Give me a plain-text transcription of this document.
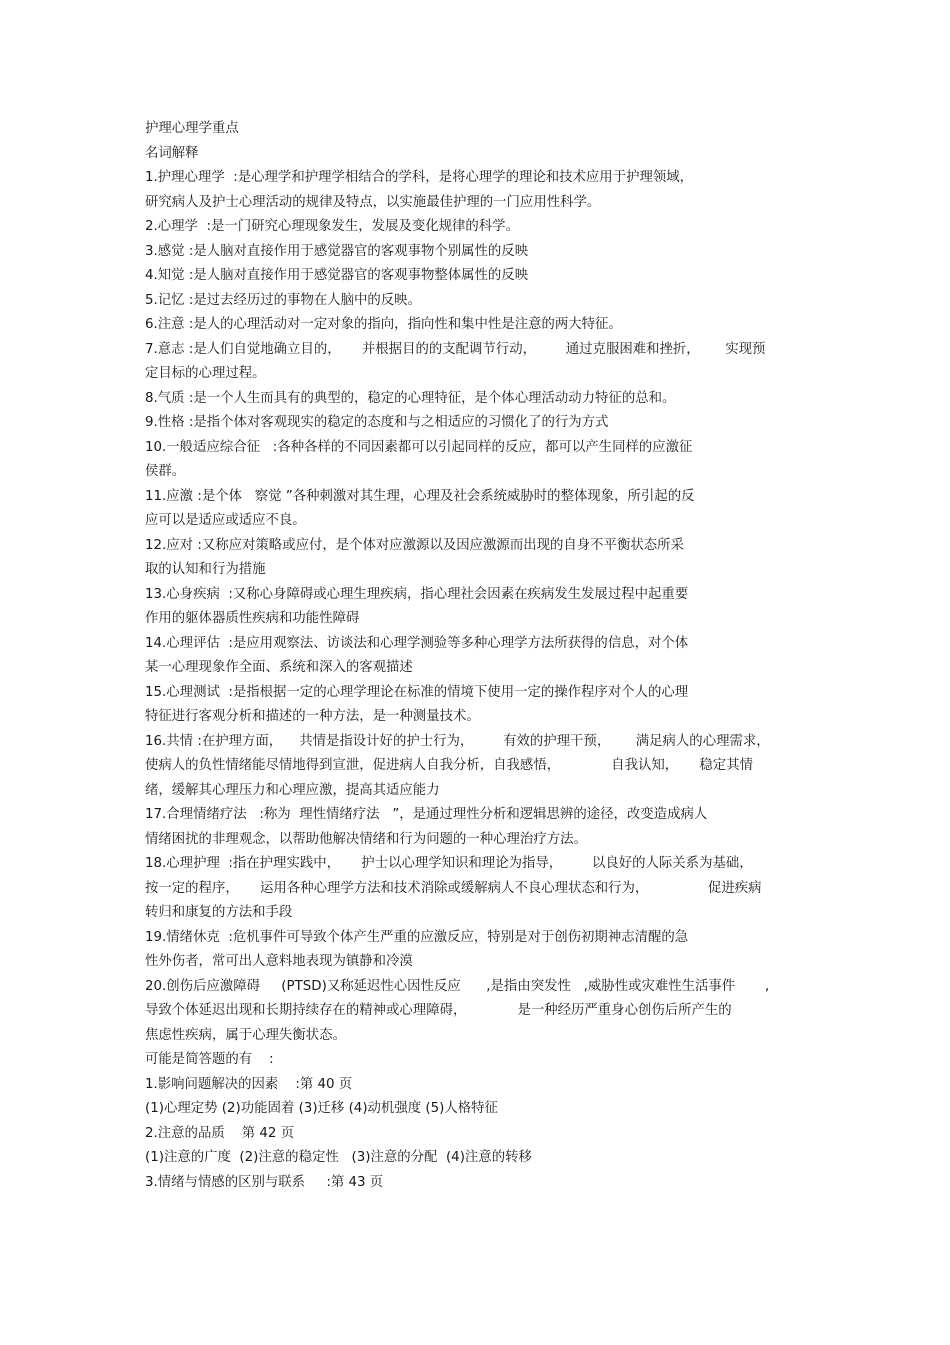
护理心理学重点
名词解释
1.护理心理学  :是心理学和护理学相结合的学科，是将心理学的理论和技术应用于护理领域，
研究病人及护士心理活动的规律及特点，以实施最佳护理的一门应用性科学。
2.心理学  :是一门研究心理现象发生，发展及变化规律的科学。
3.感觉 :是人脑对直接作用于感觉器官的客观事物个别属性的反映
4.知觉 :是人脑对直接作用于感觉器官的客观事物整体属性的反映
5.记忆 :是过去经历过的事物在人脑中的反映。
6.注意 :是人的心理活动对一定对象的指向，指向性和集中性是注意的两大特征。
7.意志 :是人们自觉地确立目的，     并根据目的的支配调节行动，       通过克服困难和挫折，      实现预
定目标的心理过程。
8.气质 :是一个人生而具有的典型的，稳定的心理特征，是个体心理活动动力特征的总和。
9.性格 :是指个体对客观现实的稳定的态度和与之相适应的习惯化了的行为方式
10.一般适应综合征   :各种各样的不同因素都可以引起同样的反应，都可以产生同样的应激征
侯群。
11.应激 :是个体   察觉 ”各种刺激对其生理，心理及社会系统威胁时的整体现象，所引起的反
应可以是适应或适应不良。
12.应对 :又称应对策略或应付，是个体对应激源以及因应激源而出现的自身不平衡状态所采
取的认知和行为措施
13.心身疾病  :又称心身障碍或心理生理疾病，指心理社会因素在疾病发生发展过程中起重要
作用的躯体器质性疾病和功能性障碍
14.心理评估  :是应用观察法、访谈法和心理学测验等多种心理学方法所获得的信息，对个体
某一心理现象作全面、系统和深入的客观描述
15.心理测试  :是指根据一定的心理学理论在标准的情境下使用一定的操作程序对个人的心理
特征进行客观分析和描述的一种方法，是一种测量技术。
16.共情 :在护理方面，    共情是指设计好的护士行为，       有效的护理干预，      满足病人的心理需求，
使病人的负性情绪能尽情地得到宣泄，促进病人自我分析，自我感悟，            自我认知，     稳定其情
绪，缓解其心理压力和心理应激，提高其适应能力
17.合理情绪疗法   :称为  理性情绪疗法   ”，是通过理性分析和逻辑思辨的途径，改变造成病人
情绪困扰的非理观念，以帮助他解决情绪和行为问题的一种心理治疗方法。
18.心理护理  :指在护理实践中，     护士以心理学知识和理论为指导，       以良好的人际关系为基础，
按一定的程序，     运用各种心理学方法和技术消除或缓解病人不良心理状态和行为，              促进疾病
转归和康复的方法和手段
19.情绪休克  :危机事件可导致个体产生严重的应激反应，特别是对于创伤初期神志清醒的急
性外伤者，常可出人意料地表现为镇静和冷漠
20.创伤后应激障碍     (PTSD)又称延迟性心因性反应      ,是指由突发性   ,威胁性或灾难性生活事件       ,
导致个体延迟出现和长期持续存在的精神或心理障碍，            是一种经历严重身心创伤后所产生的
焦虑性疾病，属于心理失衡状态。
可能是简答题的有    :
1.影响问题解决的因素    :第 40 页
(1)心理定势 (2)功能固着 (3)迁移 (4)动机强度 (5)人格特征
2.注意的品质    第 42 页
(1)注意的广度  (2)注意的稳定性   (3)注意的分配  (4)注意的转移
3.情绪与情感的区别与联系     :第 43 页
